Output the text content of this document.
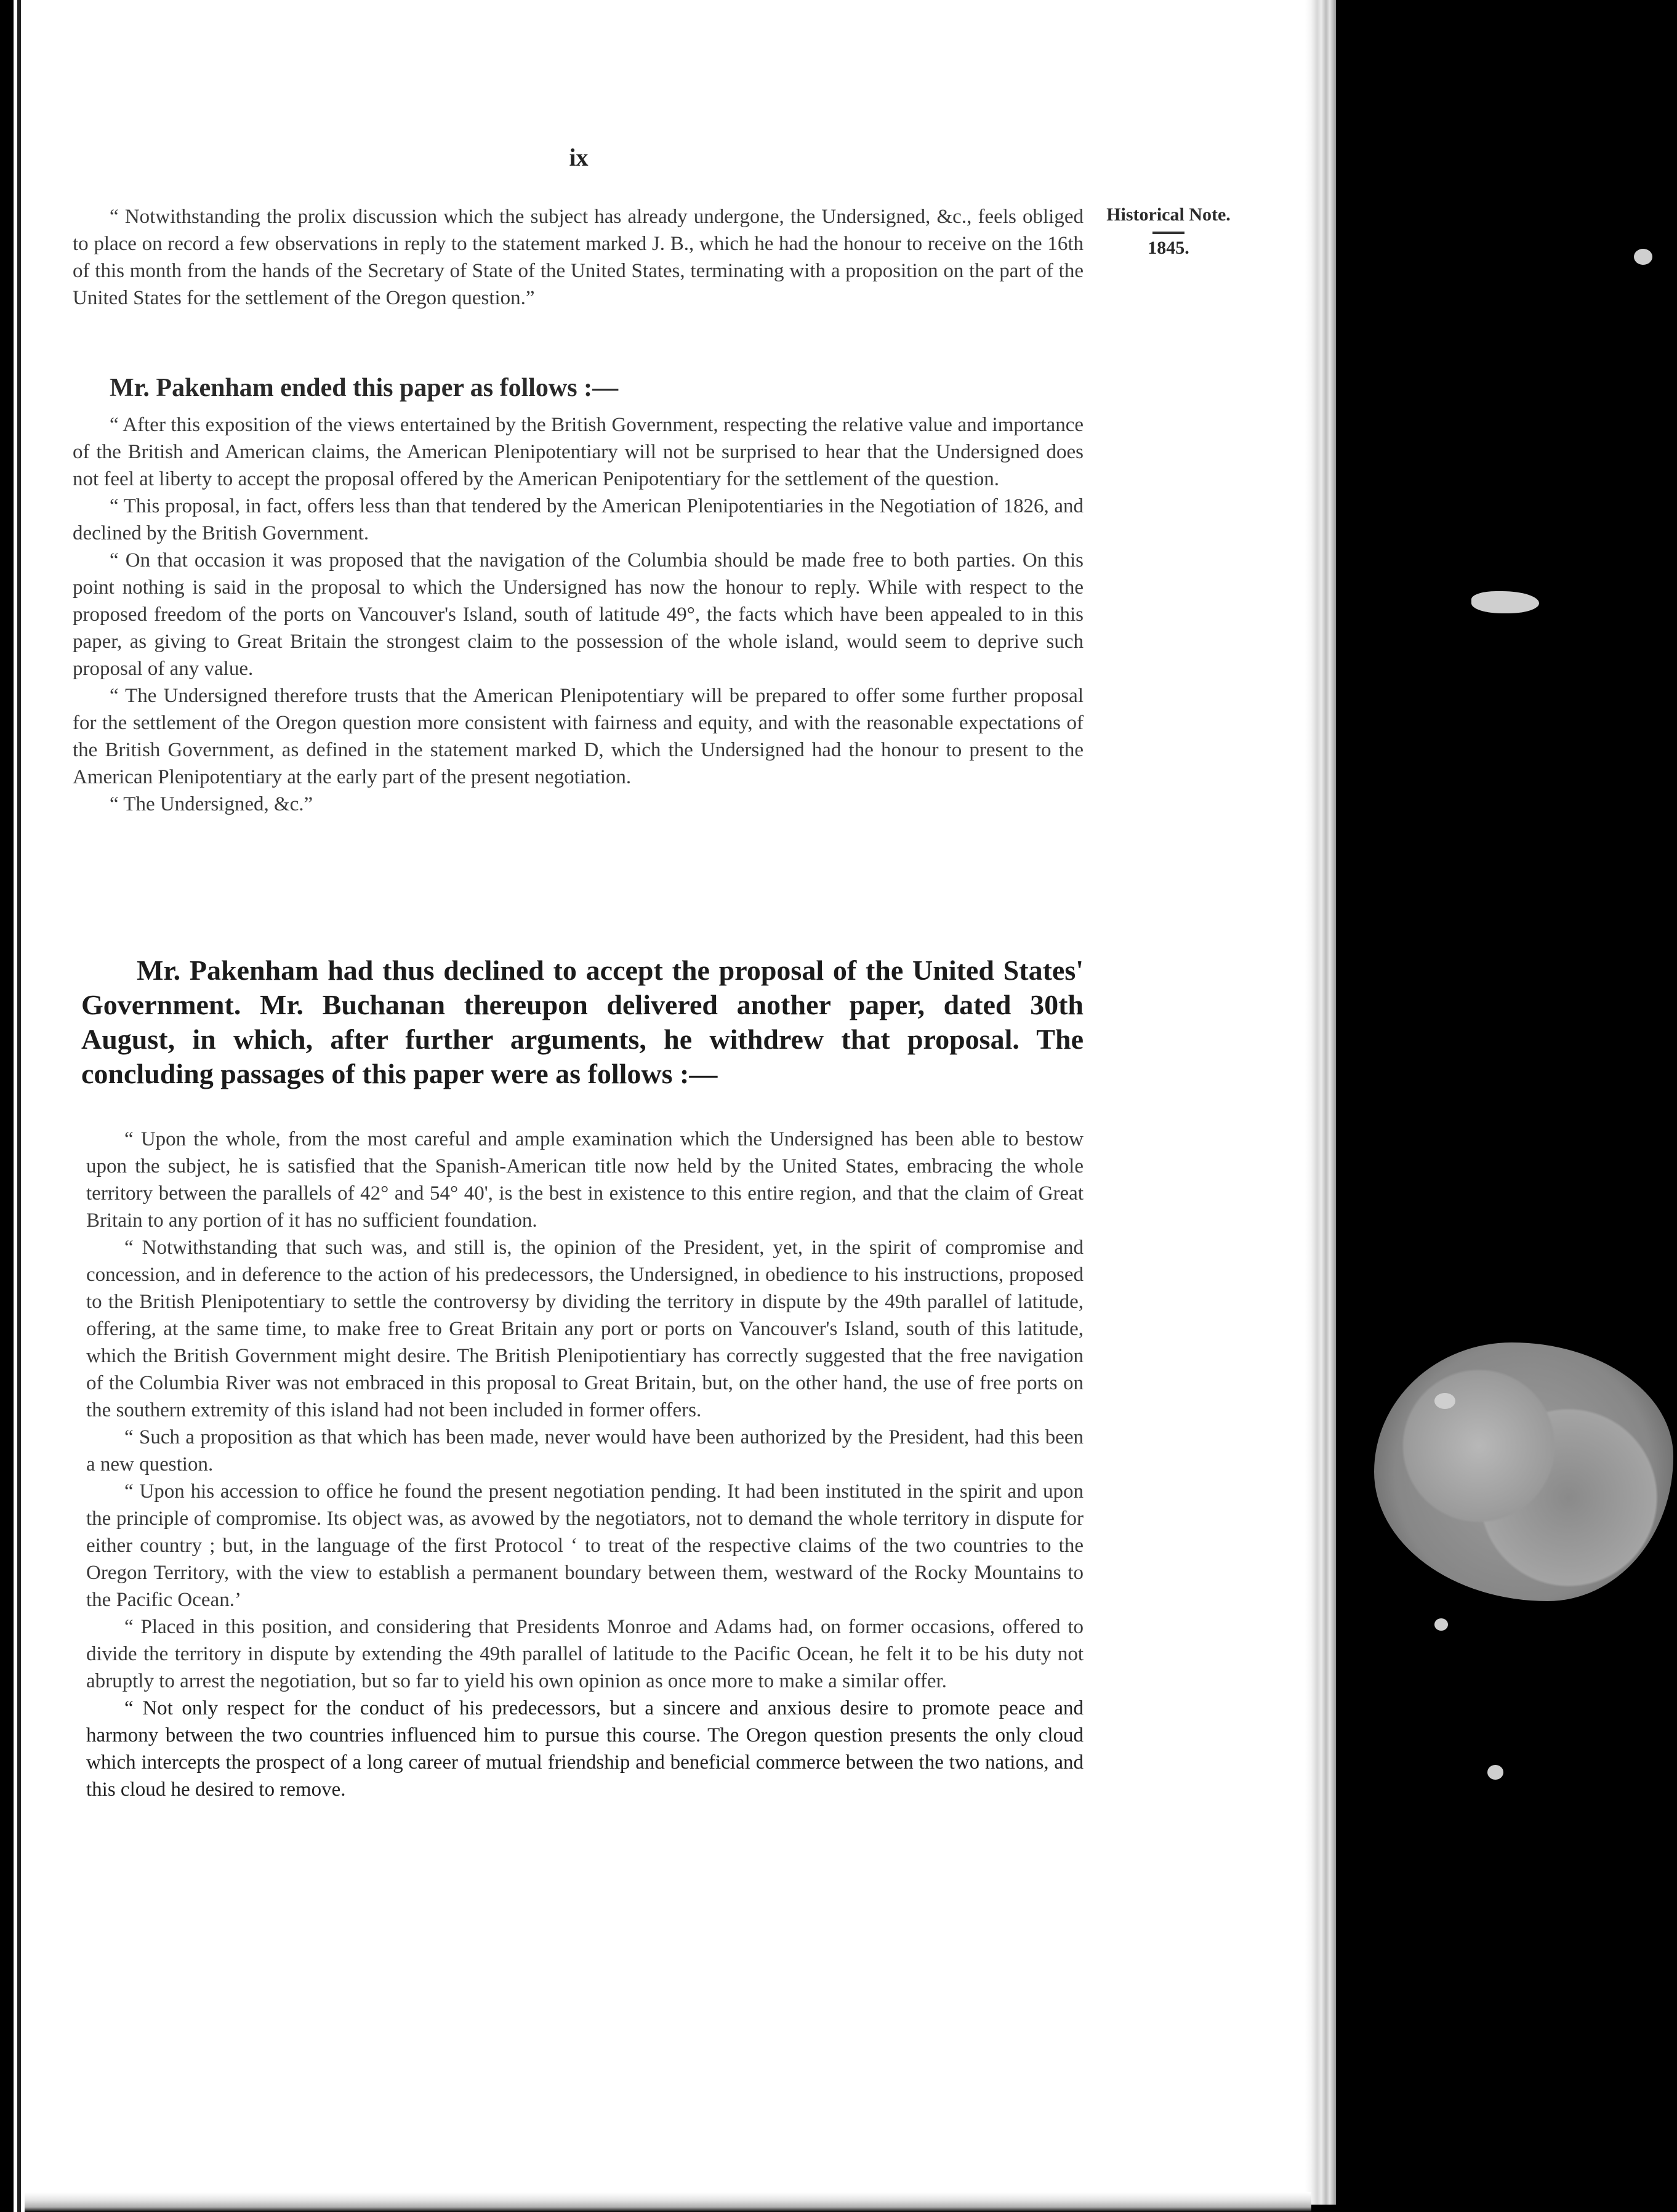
ix
Historical Note.
1845.

“ Notwithstanding the prolix discussion which the subject has already undergone, the Undersigned, &c., feels obliged to place on record a few observations in reply to the statement marked J. B., which he had the honour to receive on the 16th of this month from the hands of the Secretary of State of the United States, terminating with a proposition on the part of the United States for the settlement of the Oregon question.”

Mr. Pakenham ended this paper as follows :—

“ After this exposition of the views entertained by the British Government, respecting the relative value and importance of the British and American claims, the American Plenipotentiary will not be surprised to hear that the Undersigned does not feel at liberty to accept the proposal offered by the American Penipotentiary for the settlement of the question.

“ This proposal, in fact, offers less than that tendered by the American Plenipotentiaries in the Negotiation of 1826, and declined by the British Government.

“ On that occasion it was proposed that the navigation of the Columbia should be made free to both parties. On this point nothing is said in the proposal to which the Undersigned has now the honour to reply. While with respect to the proposed freedom of the ports on Vancouver's Island, south of latitude 49°, the facts which have been appealed to in this paper, as giving to Great Britain the strongest claim to the possession of the whole island, would seem to deprive such proposal of any value.

“ The Undersigned therefore trusts that the American Plenipotentiary will be prepared to offer some further proposal for the settlement of the Oregon question more consistent with fairness and equity, and with the reasonable expectations of the British Government, as defined in the statement marked D, which the Undersigned had the honour to present to the American Plenipotentiary at the early part of the present negotiation.

“ The Undersigned, &c.”

Mr. Pakenham had thus declined to accept the proposal of the United States' Government. Mr. Buchanan thereupon delivered another paper, dated 30th August, in which, after further arguments, he withdrew that proposal. The concluding passages of this paper were as follows :—

“ Upon the whole, from the most careful and ample examination which the Undersigned has been able to bestow upon the subject, he is satisfied that the Spanish-American title now held by the United States, embracing the whole territory between the parallels of 42° and 54° 40', is the best in existence to this entire region, and that the claim of Great Britain to any portion of it has no sufficient foundation.

“ Notwithstanding that such was, and still is, the opinion of the President, yet, in the spirit of compromise and concession, and in deference to the action of his predecessors, the Undersigned, in obedience to his instructions, proposed to the British Plenipotentiary to settle the controversy by dividing the territory in dispute by the 49th parallel of latitude, offering, at the same time, to make free to Great Britain any port or ports on Vancouver's Island, south of this latitude, which the British Government might desire. The British Plenipotientiary has correctly suggested that the free navigation of the Columbia River was not embraced in this proposal to Great Britain, but, on the other hand, the use of free ports on the southern extremity of this island had not been included in former offers.

“ Such a proposition as that which has been made, never would have been authorized by the President, had this been a new question.

“ Upon his accession to office he found the present negotiation pending. It had been instituted in the spirit and upon the principle of compromise. Its object was, as avowed by the negotiators, not to demand the whole territory in dispute for either country ; but, in the language of the first Protocol ‘ to treat of the respective claims of the two countries to the Oregon Territory, with the view to establish a permanent boundary between them, westward of the Rocky Mountains to the Pacific Ocean.’

“ Placed in this position, and considering that Presidents Monroe and Adams had, on former occasions, offered to divide the territory in dispute by extending the 49th parallel of latitude to the Pacific Ocean, he felt it to be his duty not abruptly to arrest the negotiation, but so far to yield his own opinion as once more to make a similar offer.

“ Not only respect for the conduct of his predecessors, but a sincere and anxious desire to promote peace and harmony between the two countries influenced him to pursue this course. The Oregon question presents the only cloud which intercepts the prospect of a long career of mutual friendship and beneficial commerce between the two nations, and this cloud he desired to remove.
